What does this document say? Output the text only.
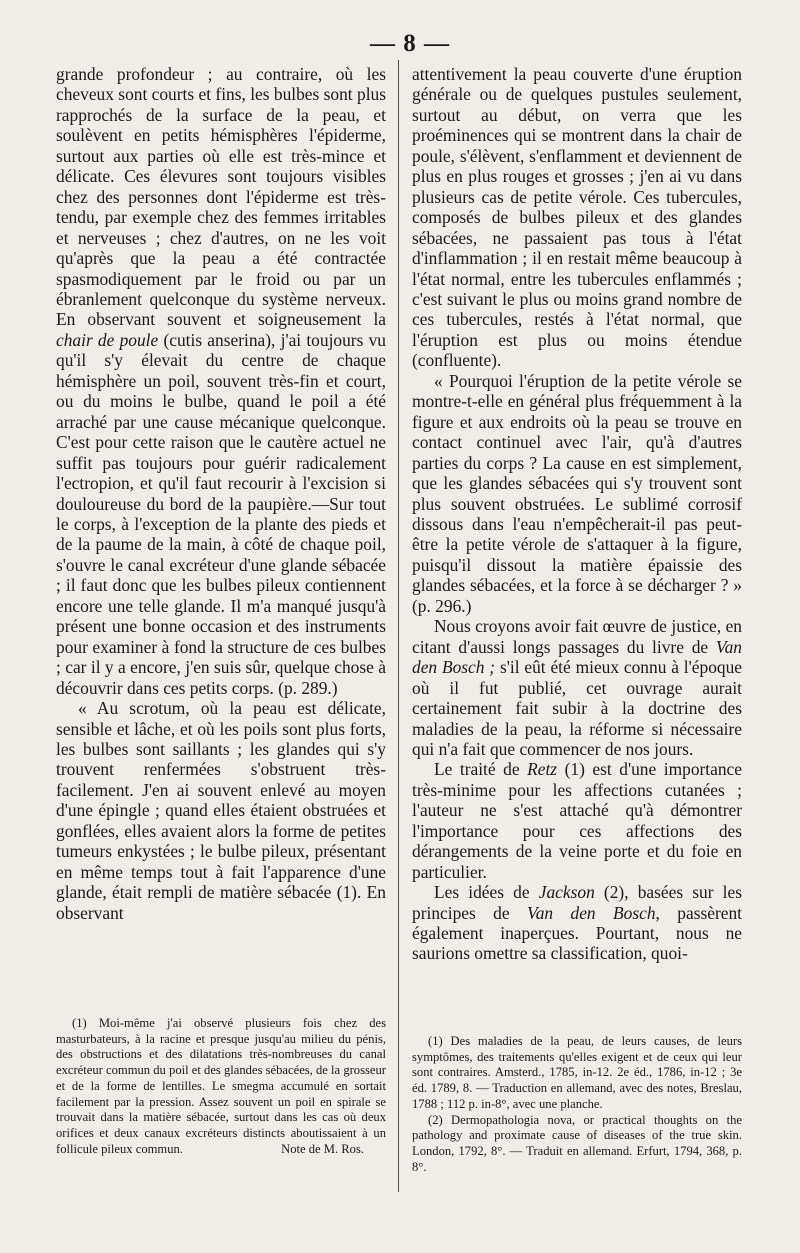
— 8 —

grande profondeur ; au contraire, où les cheveux sont courts et fins, les bulbes sont plus rapprochés de la surface de la peau, et soulèvent en petits hémisphères l'épiderme, surtout aux parties où elle est très-mince et délicate. Ces élevures sont toujours visibles chez des personnes dont l'épiderme est très-tendu, par exemple chez des femmes irritables et nerveuses ; chez d'autres, on ne les voit qu'après que la peau a été contractée spasmodiquement par le froid ou par un ébranlement quelconque du système nerveux. En observant souvent et soigneusement la chair de poule (cutis anserina), j'ai toujours vu qu'il s'y élevait du centre de chaque hémisphère un poil, souvent très-fin et court, ou du moins le bulbe, quand le poil a été arraché par une cause mécanique quelconque. C'est pour cette raison que le cautère actuel ne suffit pas toujours pour guérir radicalement l'ectropion, et qu'il faut recourir à l'excision si douloureuse du bord de la paupière.—Sur tout le corps, à l'exception de la plante des pieds et de la paume de la main, à côté de chaque poil, s'ouvre le canal excréteur d'une glande sébacée ; il faut donc que les bulbes pileux contiennent encore une telle glande. Il m'a manqué jusqu'à présent une bonne occasion et des instruments pour examiner à fond la structure de ces bulbes ; car il y a encore, j'en suis sûr, quelque chose à découvrir dans ces petits corps. (p. 289.)

« Au scrotum, où la peau est délicate, sensible et lâche, et où les poils sont plus forts, les bulbes sont saillants ; les glandes qui s'y trouvent renfermées s'obstruent très-facilement. J'en ai souvent enlevé au moyen d'une épingle ; quand elles étaient obstruées et gonflées, elles avaient alors la forme de petites tumeurs enkystées ; le bulbe pileux, présentant en même temps tout à fait l'apparence d'une glande, était rempli de matière sébacée (1). En observant

attentivement la peau couverte d'une éruption générale ou de quelques pustules seulement, surtout au début, on verra que les proéminences qui se montrent dans la chair de poule, s'élèvent, s'enflamment et deviennent de plus en plus rouges et grosses ; j'en ai vu dans plusieurs cas de petite vérole. Ces tubercules, composés de bulbes pileux et des glandes sébacées, ne passaient pas tous à l'état d'inflammation ; il en restait même beaucoup à l'état normal, entre les tubercules enflammés ; c'est suivant le plus ou moins grand nombre de ces tubercules, restés à l'état normal, que l'éruption est plus ou moins étendue (confluente).

« Pourquoi l'éruption de la petite vérole se montre-t-elle en général plus fréquemment à la figure et aux endroits où la peau se trouve en contact continuel avec l'air, qu'à d'autres parties du corps ? La cause en est simplement, que les glandes sébacées qui s'y trouvent sont plus souvent obstruées. Le sublimé corrosif dissous dans l'eau n'empêcherait-il pas peut-être la petite vérole de s'attaquer à la figure, puisqu'il dissout la matière épaissie des glandes sébacées, et la force à se décharger ? » (p. 296.)

Nous croyons avoir fait œuvre de justice, en citant d'aussi longs passages du livre de Van den Bosch ; s'il eût été mieux connu à l'époque où il fut publié, cet ouvrage aurait certainement fait subir à la doctrine des maladies de la peau, la réforme si nécessaire qui n'a fait que commencer de nos jours.

Le traité de Retz (1) est d'une importance très-minime pour les affections cutanées ; l'auteur ne s'est attaché qu'à démontrer l'importance pour ces affections des dérangements de la veine porte et du foie en particulier.

Les idées de Jackson (2), basées sur les principes de Van den Bosch, passèrent également inaperçues. Pourtant, nous ne saurions omettre sa classification, quoi-

(1) Moi-même j'ai observé plusieurs fois chez des masturbateurs, à la racine et presque jusqu'au milieu du pénis, des obstructions et des dilatations très-nombreuses du canal excréteur commun du poil et des glandes sébacées, de la grosseur et de la forme de lentilles. Le smegma accumulé en sortait facilement par la pression. Assez souvent un poil en spirale se trouvait dans la matière sébacée, surtout dans les cas où deux orifices et deux canaux excréteurs distincts aboutissaient à un follicule pileux commun.	Note de M. Ros.

(1) Des maladies de la peau, de leurs causes, de leurs symptômes, des traitements qu'elles exigent et de ceux qui leur sont contraires. Amsterd., 1785, in-12. 2e éd., 1786, in-12 ; 3e éd. 1789, 8. — Traduction en allemand, avec des notes, Breslau, 1788 ; 112 p. in-8°, avec une planche.

(2) Dermopathologia nova, or practical thoughts on the pathology and proximate cause of diseases of the true skin. London, 1792, 8°. — Traduit en allemand. Erfurt, 1794, 368, p. 8°.
